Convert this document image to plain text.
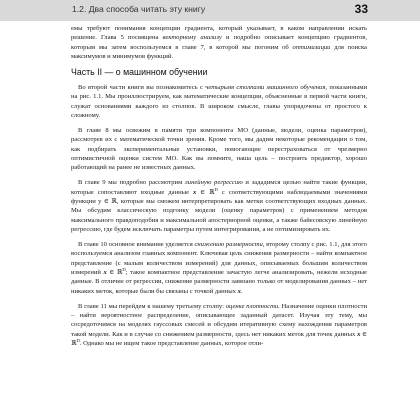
1.2. Два способа читать эту книгу	33

емы требуют понимания концепции градиента, который указывает, в каком направлении искать решение. Глава 5 посвящена векторному анализу и подробно описывает концепцию градиентов, которым мы затем воспользуемся в главе 7, в которой мы погоним об оптимизации для поиска максимумов и минимумов функций.

Часть II — о машинном обучении

Во второй части книги вы познакомитесь с четырьмя столпами машинного обучения, показанными на рис. 1.1. Мы проиллюстрируем, как математические концепции, объясненные в первой части книги, служат основаниями каждого из столпов. В широком смысле, главы упорядочены от простого к сложному.

В главе 8 мы освежим в памяти три компонента МО (данные, модели, оценка параметров), рассмотрев их с математической точки зрения. Кроме того, мы дадим некоторые рекомендации о том, как подбирать экспериментальные установки, помогающие перестраховаться от чрезмерно оптимистичной оценки систем МО. Как вы помните, наша цель – построить предиктор, хорошо работающий на ранее не известных данных.

В главе 9 мы подробно рассмотрим линейную регрессию и зададимся целью найти такие функции, которые сопоставляют входные данные x ∈ ℝ$^D$ с соответствующими наблюдаемыми значениями функции y ∈ ℝ, которые мы сможем интерпретировать как метки соответствующих входных данных. Мы обсудим классическую подгонку модели (оценку параметров) с применением методов максимального правдоподобия и максимальной апостериорной оценки, а также байесовскую линейную регрессию, где будем исключать параметры путем интегрирования, а не оптимизировать их.

В главе 10 основное внимание уделяется снижению размерности, второму столпу с рис. 1.1, для этого воспользуемся анализом главных компонент. Ключевая цель снижения размерности – найти компактное представление (с малым количеством измерений) для данных, описываемых большим количеством измерений x ∈ ℝ$^D$; такое компактное представление зачастую легче анализировать, нежели исходные данные. В отличие от регрессии, снижение размерности завязано только от моделирования данных – нет никаких меток, которые были бы связаны с точкой данных x.

В главе 11 мы перейдем к нашему третьему столпу: оценке плотности. Назначение оценки плотности – найти вероятностное распределение, описывающее заданный датасет. Изучая эту тему, мы сосредоточимся на моделях гауссовых смесей и обсудим итеративную схему нахождения параметров такой модели. Как и в случае со снижением размерности, здесь нет никаких меток для точек данных x ∈ ℝ$^D$. Однако мы не ищем такое представление данных, которое отли-
